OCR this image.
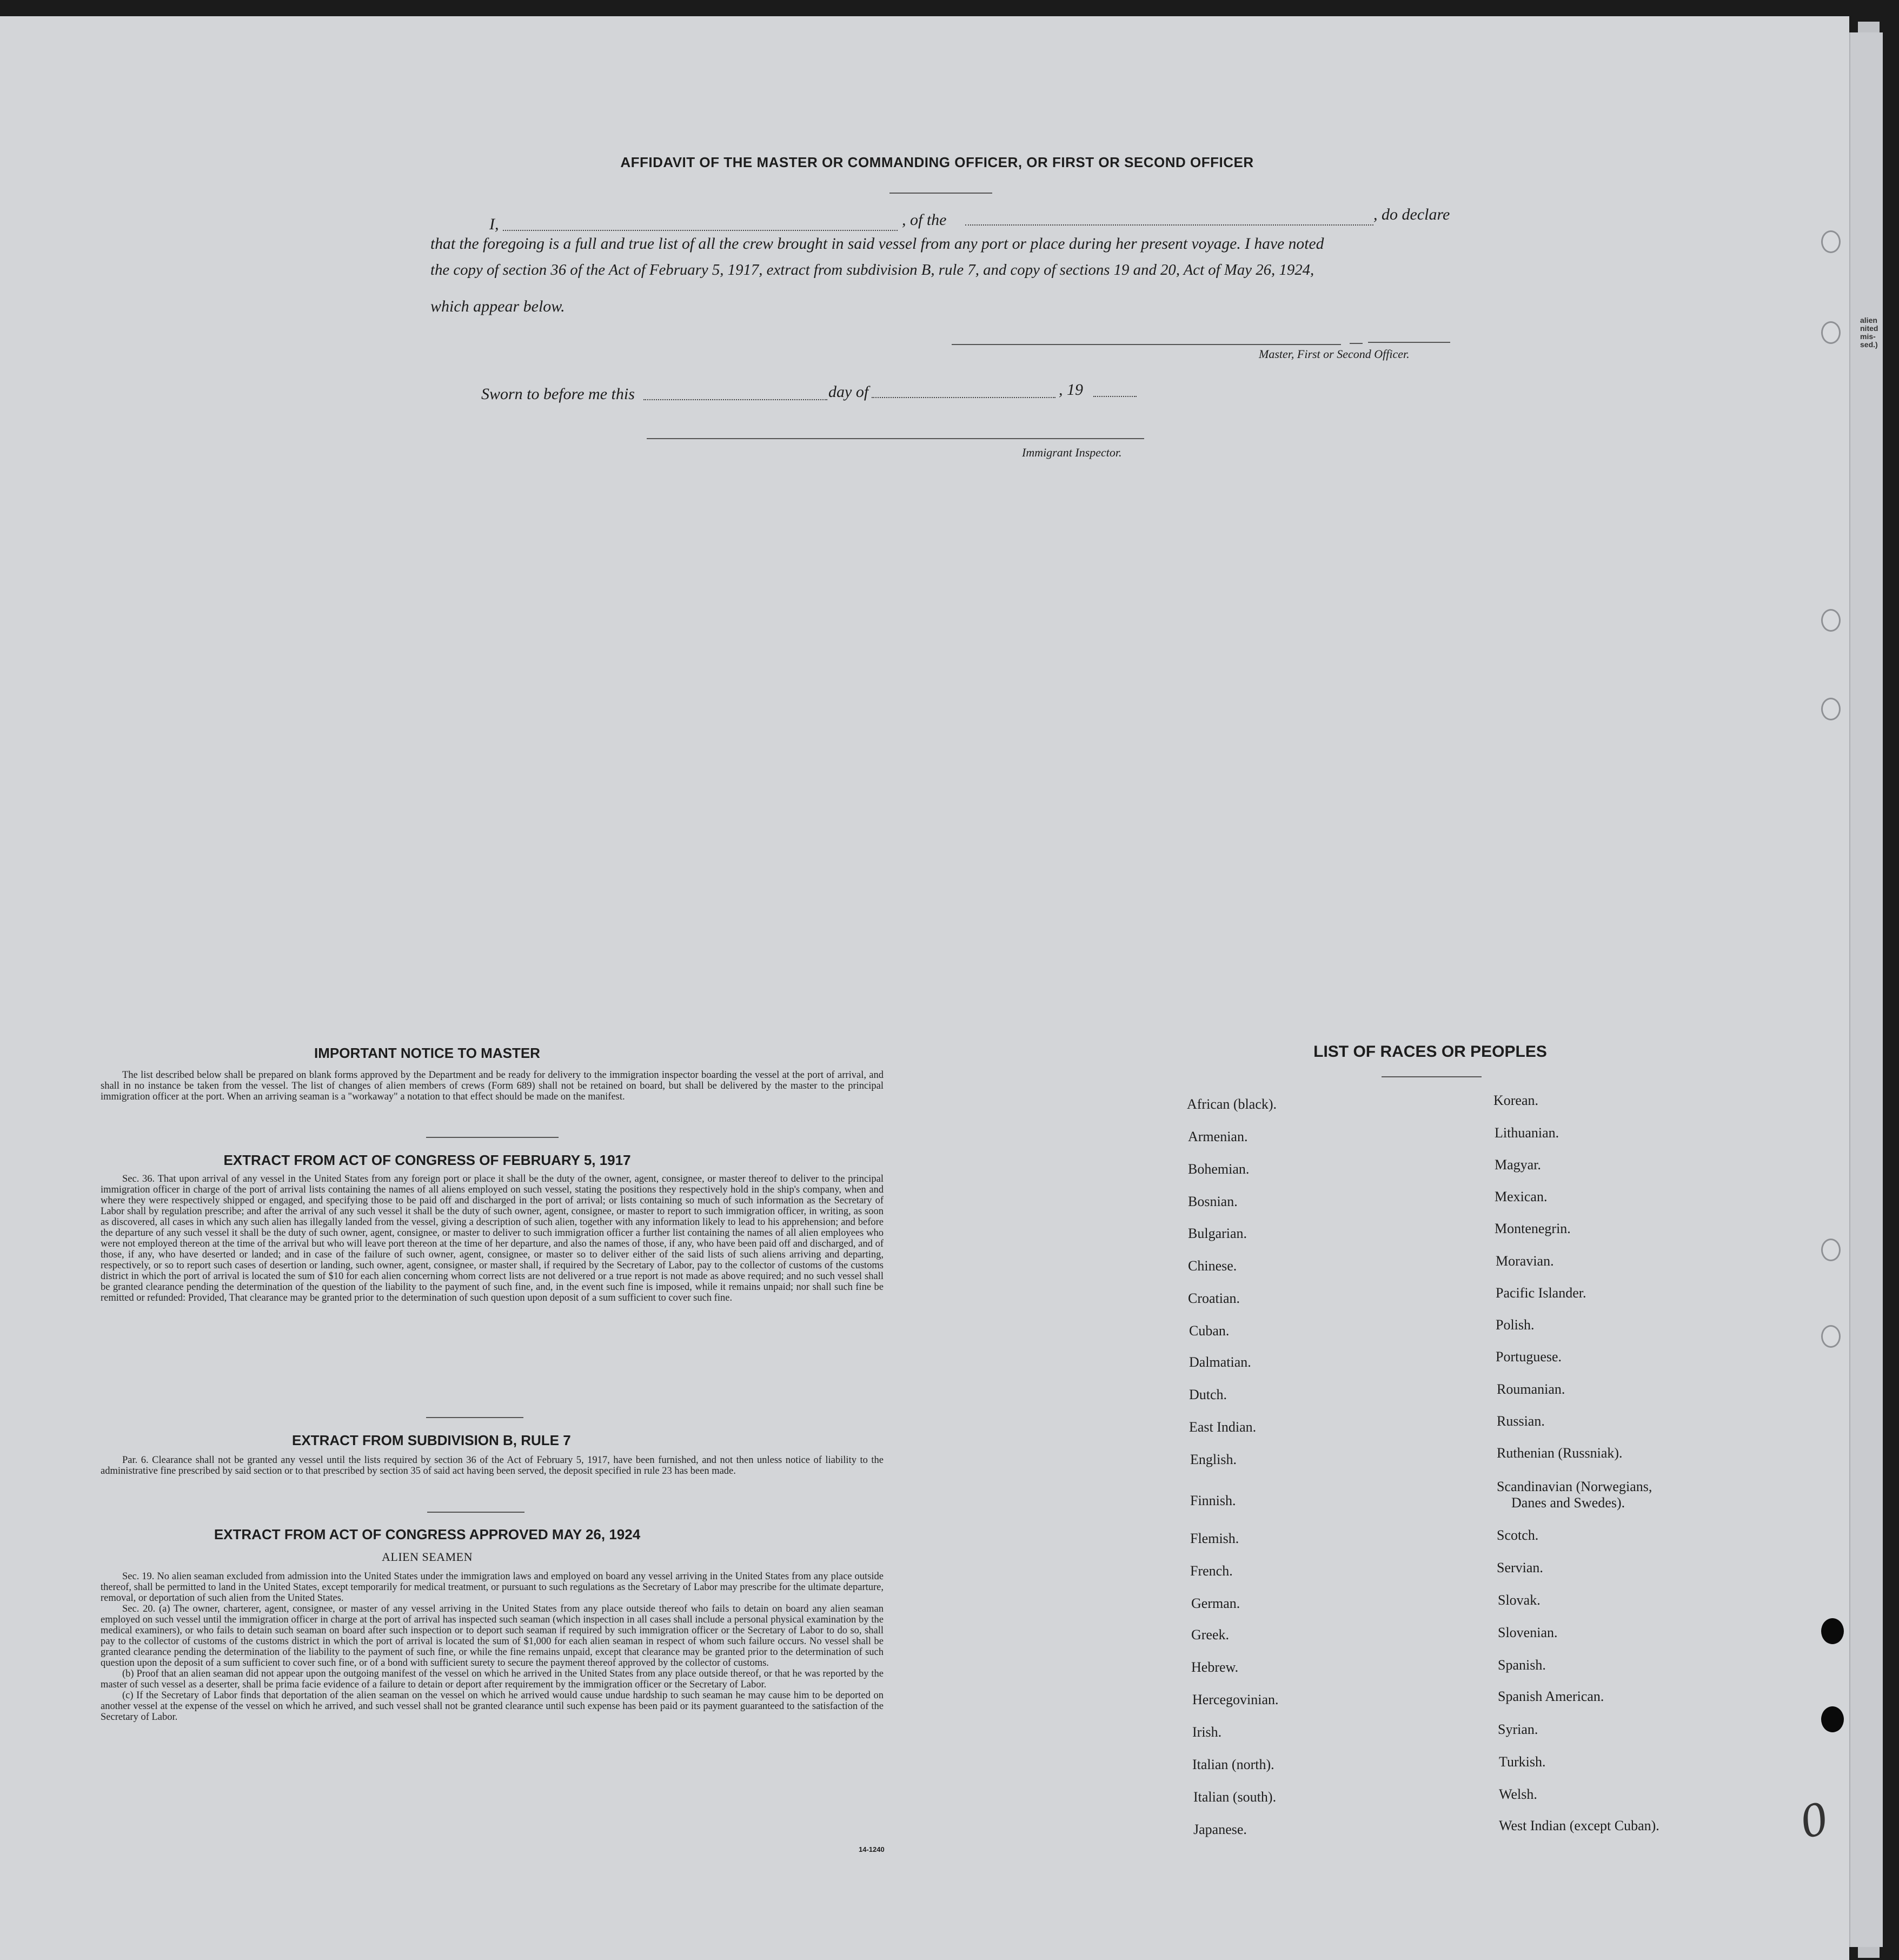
alien
nited
mis-
sed.)
AFFIDAVIT OF THE MASTER OR COMMANDING OFFICER, OR FIRST OR SECOND OFFICER
I,	, of the	, do declare
that the foregoing is a full and true list of all the crew brought in said vessel from any port or place during her present voyage. I have noted
the copy of section 36 of the Act of February 5, 1917, extract from subdivision B, rule 7, and copy of sections 19 and 20, Act of May 26, 1924,
which appear below.
Master, First or Second Officer.
Sworn to before me this	day of	, 19
Immigrant Inspector.
IMPORTANT NOTICE TO MASTER

The list described below shall be prepared on blank forms approved by the Department and be ready for delivery to the immigration inspector boarding the vessel at the port of arrival, and shall in no instance be taken from the vessel. The list of changes of alien members of crews (Form 689) shall not be retained on board, but shall be delivered by the master to the principal immigration officer at the port. When an arriving seaman is a "workaway" a notation to that effect should be made on the manifest.

EXTRACT FROM ACT OF CONGRESS OF FEBRUARY 5, 1917

Sec. 36. That upon arrival of any vessel in the United States from any foreign port or place it shall be the duty of the owner, agent, consignee, or master thereof to deliver to the principal immigration officer in charge of the port of arrival lists containing the names of all aliens employed on such vessel, stating the positions they respectively hold in the ship's company, when and where they were respectively shipped or engaged, and specifying those to be paid off and discharged in the port of arrival; or lists containing so much of such information as the Secretary of Labor shall by regulation prescribe; and after the arrival of any such vessel it shall be the duty of such owner, agent, consignee, or master to report to such immigration officer, in writing, as soon as discovered, all cases in which any such alien has illegally landed from the vessel, giving a description of such alien, together with any information likely to lead to his apprehension; and before the departure of any such vessel it shall be the duty of such owner, agent, consignee, or master to deliver to such immigration officer a further list containing the names of all alien employees who were not employed thereon at the time of the arrival but who will leave port thereon at the time of her departure, and also the names of those, if any, who have been paid off and discharged, and of those, if any, who have deserted or landed; and in case of the failure of such owner, agent, consignee, or master so to deliver either of the said lists of such aliens arriving and departing, respectively, or so to report such cases of desertion or landing, such owner, agent, consignee, or master shall, if required by the Secretary of Labor, pay to the collector of customs of the customs district in which the port of arrival is located the sum of $10 for each alien concerning whom correct lists are not delivered or a true report is not made as above required; and no such vessel shall be granted clearance pending the determination of the question of the liability to the payment of such fine, and, in the event such fine is imposed, while it remains unpaid; nor shall such fine be remitted or refunded: Provided, That clearance may be granted prior to the determination of such question upon deposit of a sum sufficient to cover such fine.

EXTRACT FROM SUBDIVISION B, RULE 7

Par. 6. Clearance shall not be granted any vessel until the lists required by section 36 of the Act of February 5, 1917, have been furnished, and not then unless notice of liability to the administrative fine prescribed by said section or to that prescribed by section 35 of said act having been served, the deposit specified in rule 23 has been made.

EXTRACT FROM ACT OF CONGRESS APPROVED MAY 26, 1924
ALIEN SEAMEN

Sec. 19. No alien seaman excluded from admission into the United States under the immigration laws and employed on board any vessel arriving in the United States from any place outside thereof, shall be permitted to land in the United States, except temporarily for medical treatment, or pursuant to such regulations as the Secretary of Labor may prescribe for the ultimate departure, removal, or deportation of such alien from the United States.

Sec. 20. (a) The owner, charterer, agent, consignee, or master of any vessel arriving in the United States from any place outside thereof who fails to detain on board any alien seaman employed on such vessel until the immigration officer in charge at the port of arrival has inspected such seaman (which inspection in all cases shall include a personal physical examination by the medical examiners), or who fails to detain such seaman on board after such inspection or to deport such seaman if required by such immigration officer or the Secretary of Labor to do so, shall pay to the collector of customs of the customs district in which the port of arrival is located the sum of $1,000 for each alien seaman in respect of whom such failure occurs. No vessel shall be granted clearance pending the determination of the liability to the payment of such fine, or while the fine remains unpaid, except that clearance may be granted prior to the determination of such question upon the deposit of a sum sufficient to cover such fine, or of a bond with sufficient surety to secure the payment thereof approved by the collector of customs.

(b) Proof that an alien seaman did not appear upon the outgoing manifest of the vessel on which he arrived in the United States from any place outside thereof, or that he was reported by the master of such vessel as a deserter, shall be prima facie evidence of a failure to detain or deport after requirement by the immigration officer or the Secretary of Labor.

(c) If the Secretary of Labor finds that deportation of the alien seaman on the vessel on which he arrived would cause undue hardship to such seaman he may cause him to be deported on another vessel at the expense of the vessel on which he arrived, and such vessel shall not be granted clearance until such expense has been paid or its payment guaranteed to the satisfaction of the Secretary of Labor.

14-1240
LIST OF RACES OR PEOPLES
African (black).
Armenian.
Bohemian.
Bosnian.
Bulgarian.
Chinese.
Croatian.
Cuban.
Dalmatian.
Dutch.
East Indian.
English.
Finnish.
Flemish.
French.
German.
Greek.
Hebrew.
Hercegovinian.
Irish.
Italian (north).
Italian (south).
Japanese.
Korean.
Lithuanian.
Magyar.
Mexican.
Montenegrin.
Moravian.
Pacific Islander.
Polish.
Portuguese.
Roumanian.
Russian.
Ruthenian (Russniak).
Scandinavian (Norwegians,
Danes and Swedes).
Scotch.
Servian.
Slovak.
Slovenian.
Spanish.
Spanish American.
Syrian.
Turkish.
Welsh.
West Indian (except Cuban).	0
